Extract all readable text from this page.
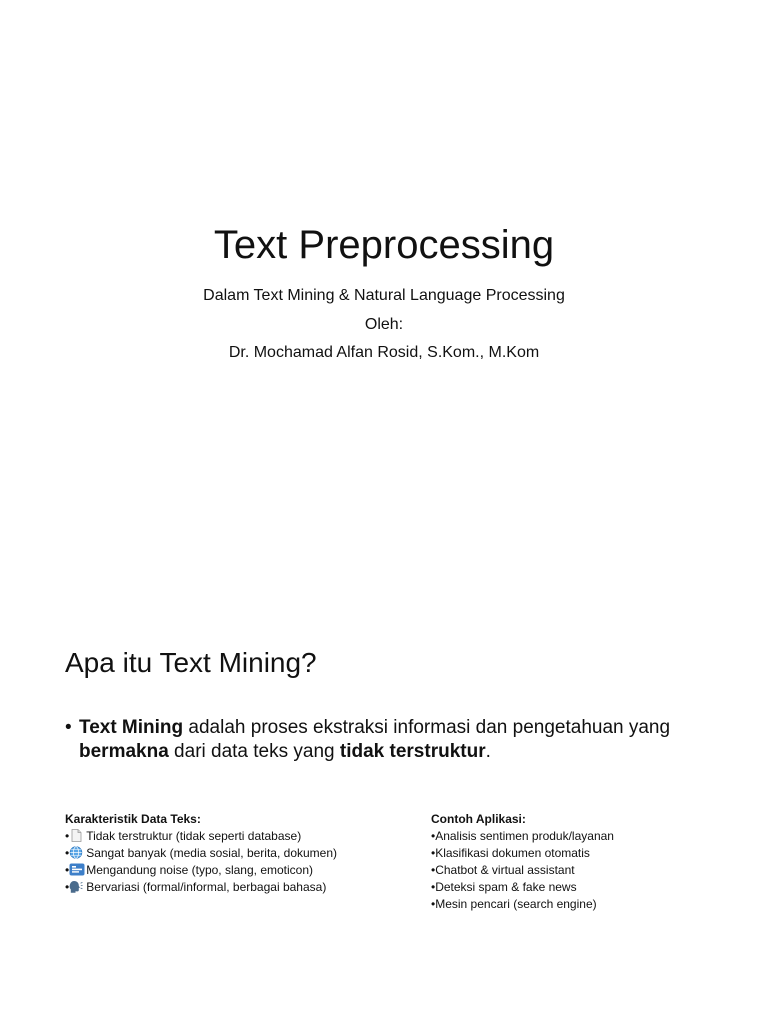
Text Preprocessing
Dalam Text Mining & Natural Language Processing
Oleh:
Dr. Mochamad Alfan Rosid, S.Kom., M.Kom
Apa itu Text Mining?
• Text Mining adalah proses ekstraksi informasi dan pengetahuan yang bermakna dari data teks yang tidak terstruktur.
Karakteristik Data Teks:
• Tidak terstruktur (tidak seperti database)
• Sangat banyak (media sosial, berita, dokumen)
• Mengandung noise (typo, slang, emoticon)
• Bervariasi (formal/informal, berbagai bahasa)
Contoh Aplikasi:
•Analisis sentimen produk/layanan
•Klasifikasi dokumen otomatis
•Chatbot & virtual assistant
•Deteksi spam & fake news
•Mesin pencari (search engine)
